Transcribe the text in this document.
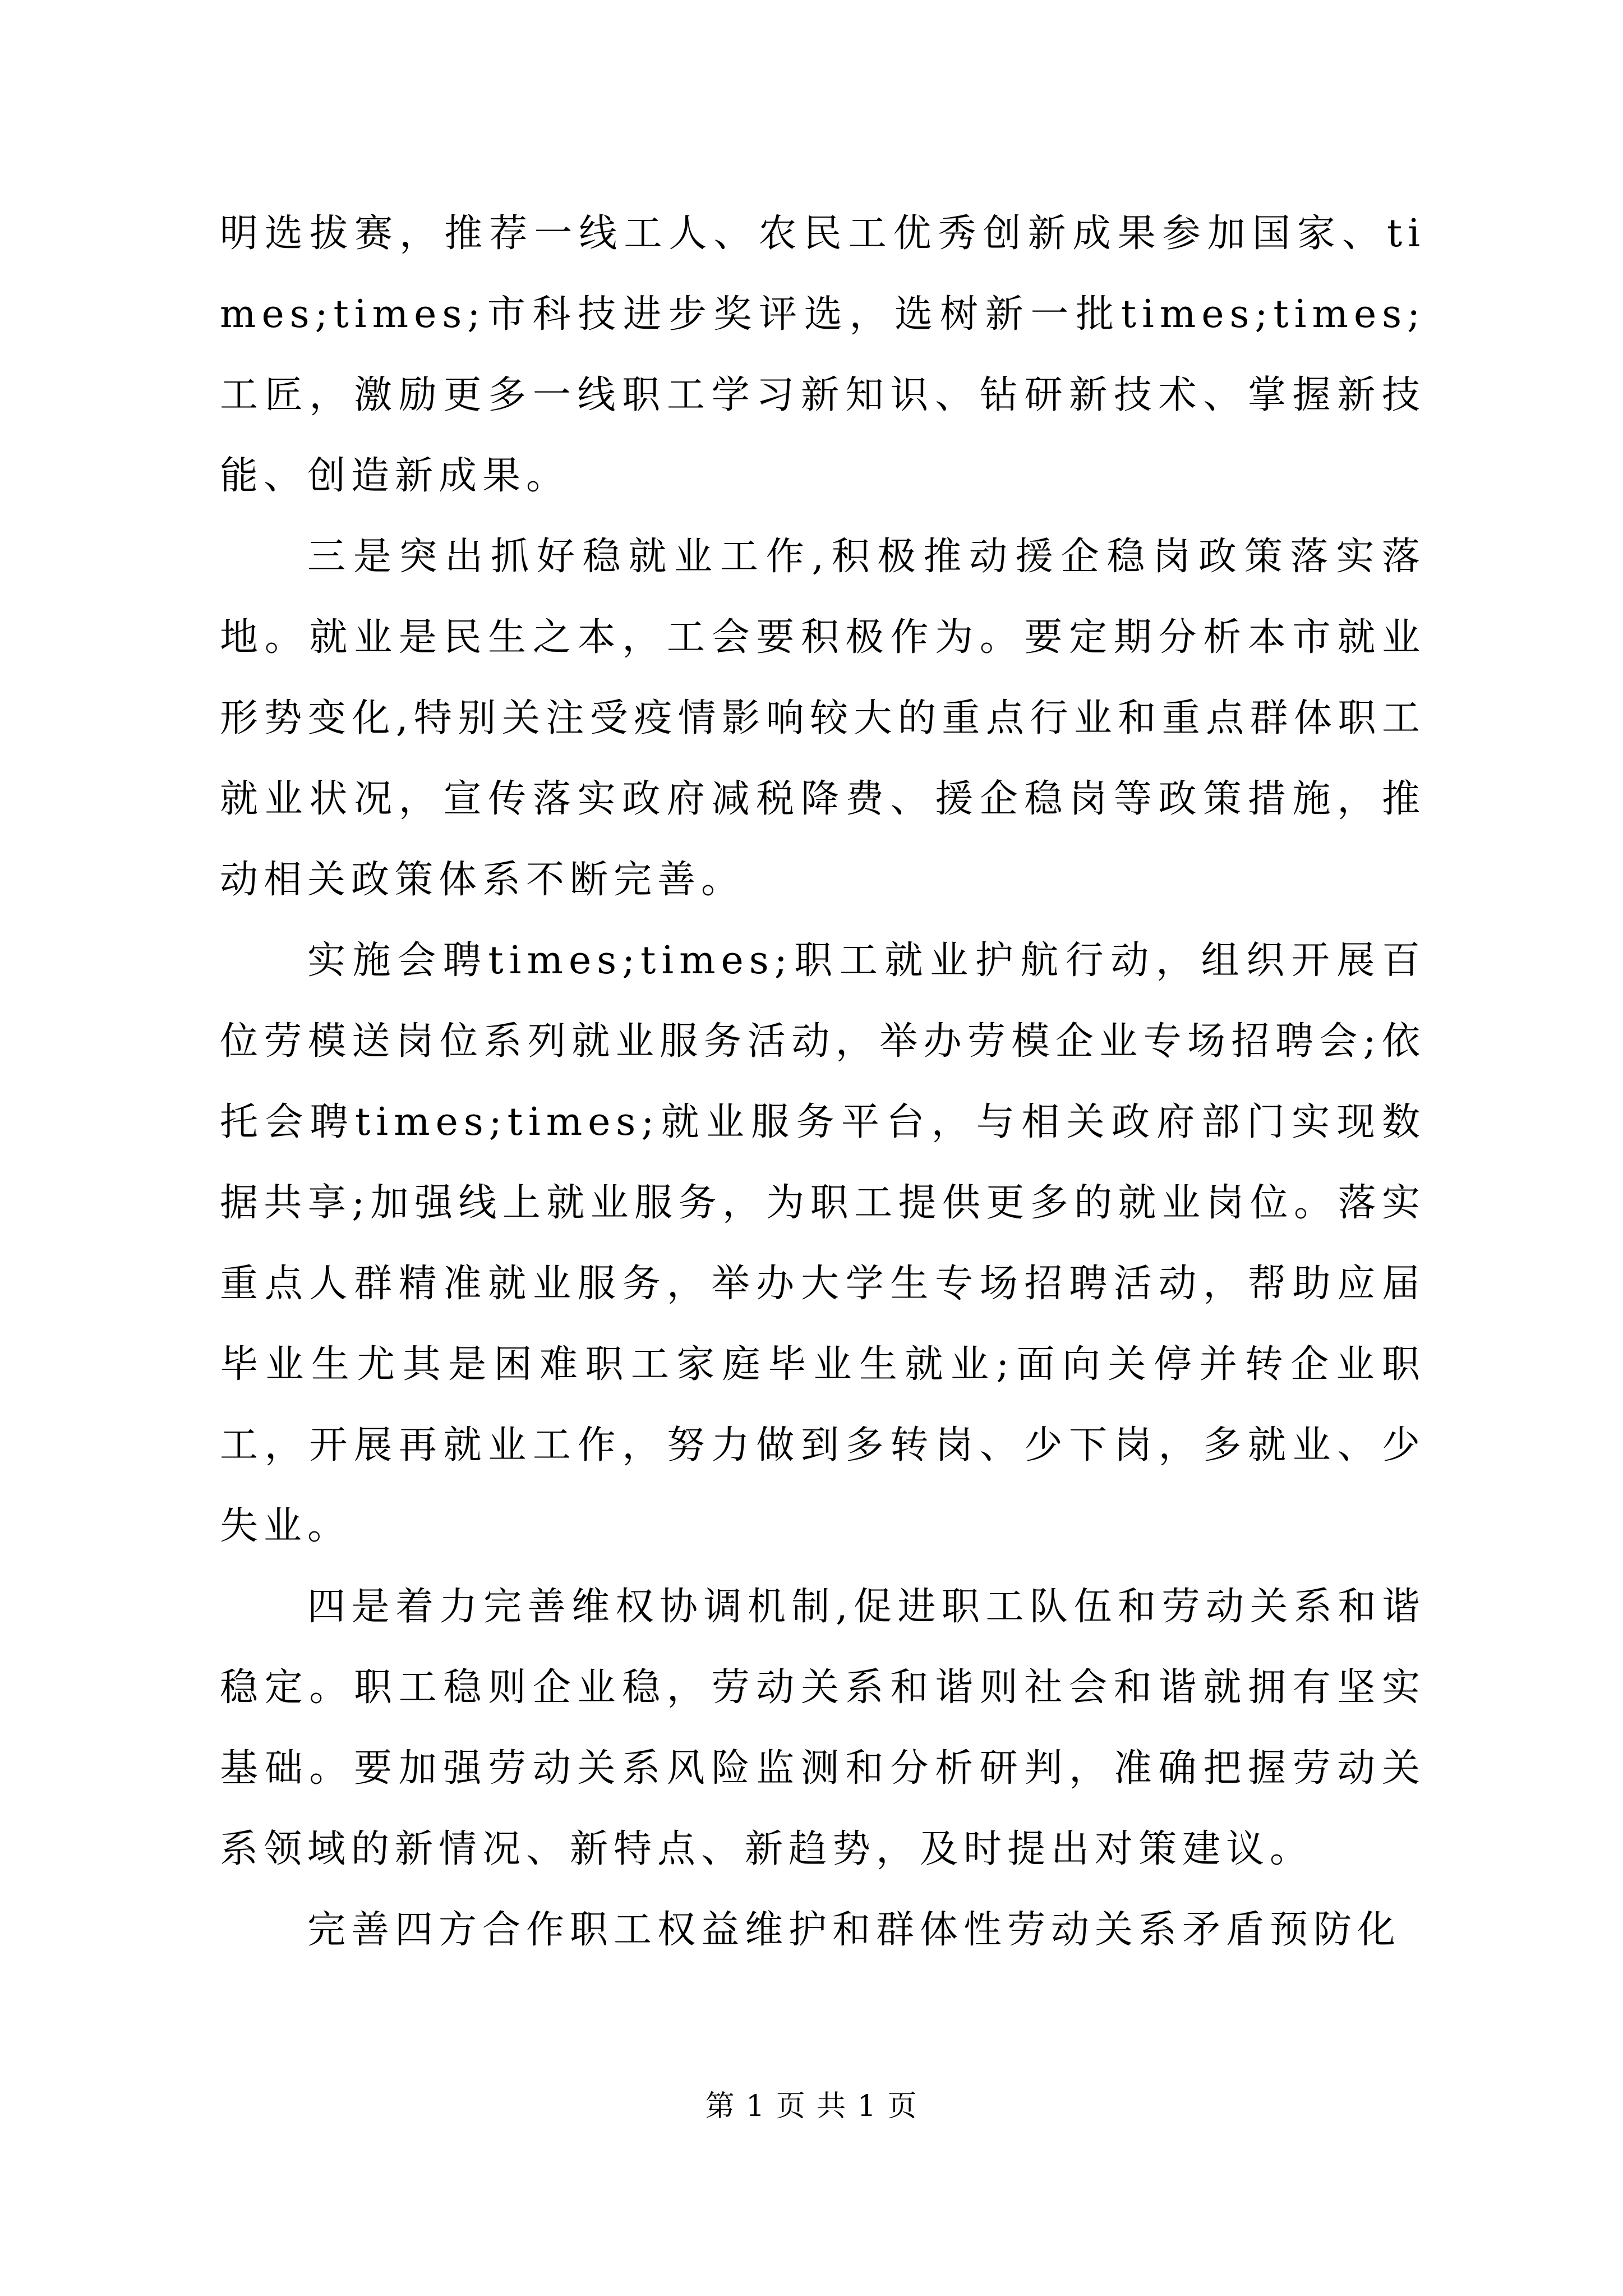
明选拔赛，推荐一线工人、农民工优秀创新成果参加国家、times;times;市科技进步奖评选，选树新一批times;times;工匠，激励更多一线职工学习新知识、钻研新技术、掌握新技能、创造新成果。

三是突出抓好稳就业工作,积极推动援企稳岗政策落实落地。就业是民生之本，工会要积极作为。要定期分析本市就业形势变化,特别关注受疫情影响较大的重点行业和重点群体职工就业状况，宣传落实政府减税降费、援企稳岗等政策措施，推动相关政策体系不断完善。

实施会聘times;times;职工就业护航行动，组织开展百位劳模送岗位系列就业服务活动，举办劳模企业专场招聘会;依托会聘times;times;就业服务平台，与相关政府部门实现数据共享;加强线上就业服务，为职工提供更多的就业岗位。落实重点人群精准就业服务，举办大学生专场招聘活动，帮助应届毕业生尤其是困难职工家庭毕业生就业;面向关停并转企业职工，开展再就业工作，努力做到多转岗、少下岗，多就业、少失业。

四是着力完善维权协调机制,促进职工队伍和劳动关系和谐稳定。职工稳则企业稳，劳动关系和谐则社会和谐就拥有坚实基础。要加强劳动关系风险监测和分析研判，准确把握劳动关系领域的新情况、新特点、新趋势，及时提出对策建议。

完善四方合作职工权益维护和群体性劳动关系矛盾预防化

第 1 页 共 1 页
